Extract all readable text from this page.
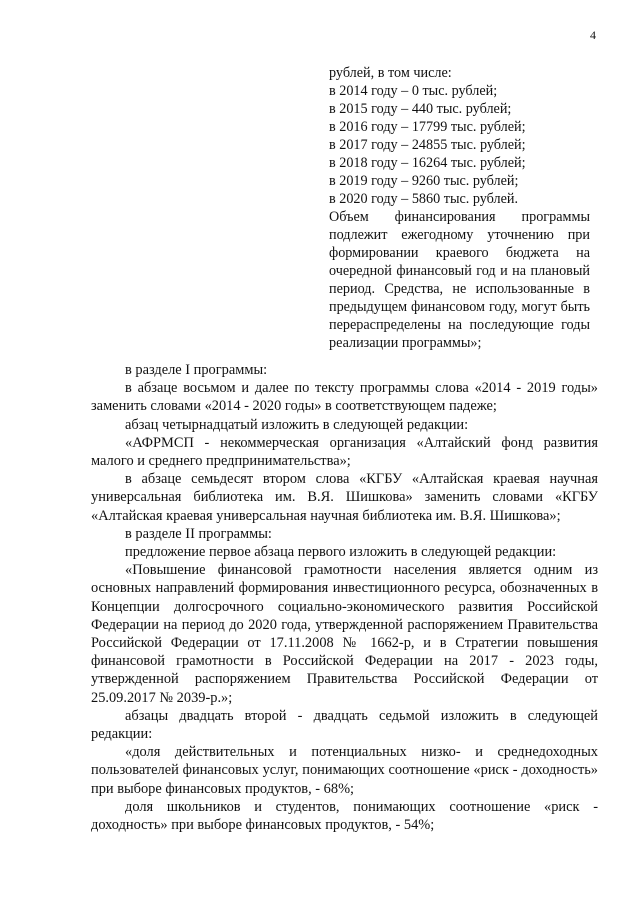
4
рублей, в том числе:
в 2014 году – 0 тыс. рублей;
в 2015 году – 440 тыс. рублей;
в 2016 году – 17799 тыс. рублей;
в 2017 году – 24855 тыс. рублей;
в 2018 году – 16264 тыс. рублей;
в 2019 году – 9260 тыс. рублей;
в 2020 году – 5860 тыс. рублей.
Объем финансирования программы подлежит ежегодному уточнению при формировании краевого бюджета на очередной финансовый год и на плановый период. Средства, не использованные в предыдущем финансовом году, могут быть перераспределены на последующие годы реализации программы»;

в разделе I программы:

в абзаце восьмом и далее по тексту программы слова «2014 - 2019 годы» заменить словами «2014 - 2020 годы» в соответствующем падеже;

абзац четырнадцатый изложить в следующей редакции:

«АФРМСП - некоммерческая организация «Алтайский фонд развития малого и среднего предпринимательства»;

в абзаце семьдесят втором слова «КГБУ «Алтайская краевая научная универсальная библиотека им. В.Я. Шишкова» заменить словами «КГБУ «Алтайская краевая универсальная научная библиотека им. В.Я. Шишкова»;

в разделе II программы:

предложение первое абзаца первого изложить в следующей редакции:

«Повышение финансовой грамотности населения является одним из основных направлений формирования инвестиционного ресурса, обозначенных в Концепции долгосрочного социально-экономического развития Российской Федерации на период до 2020 года, утвержденной распоряжением Правительства Российской Федерации от 17.11.2008 № 1662-р, и в Стратегии повышения финансовой грамотности в Российской Федерации на 2017 - 2023 годы, утвержденной распоряжением Правительства Российской Федерации от 25.09.2017 № 2039-р.»;

абзацы двадцать второй - двадцать седьмой изложить в следующей редакции:

«доля действительных и потенциальных низко- и среднедоходных пользователей финансовых услуг, понимающих соотношение «риск - доходность» при выборе финансовых продуктов, - 68%;

доля школьников и студентов, понимающих соотношение «риск - доходность» при выборе финансовых продуктов, - 54%;
